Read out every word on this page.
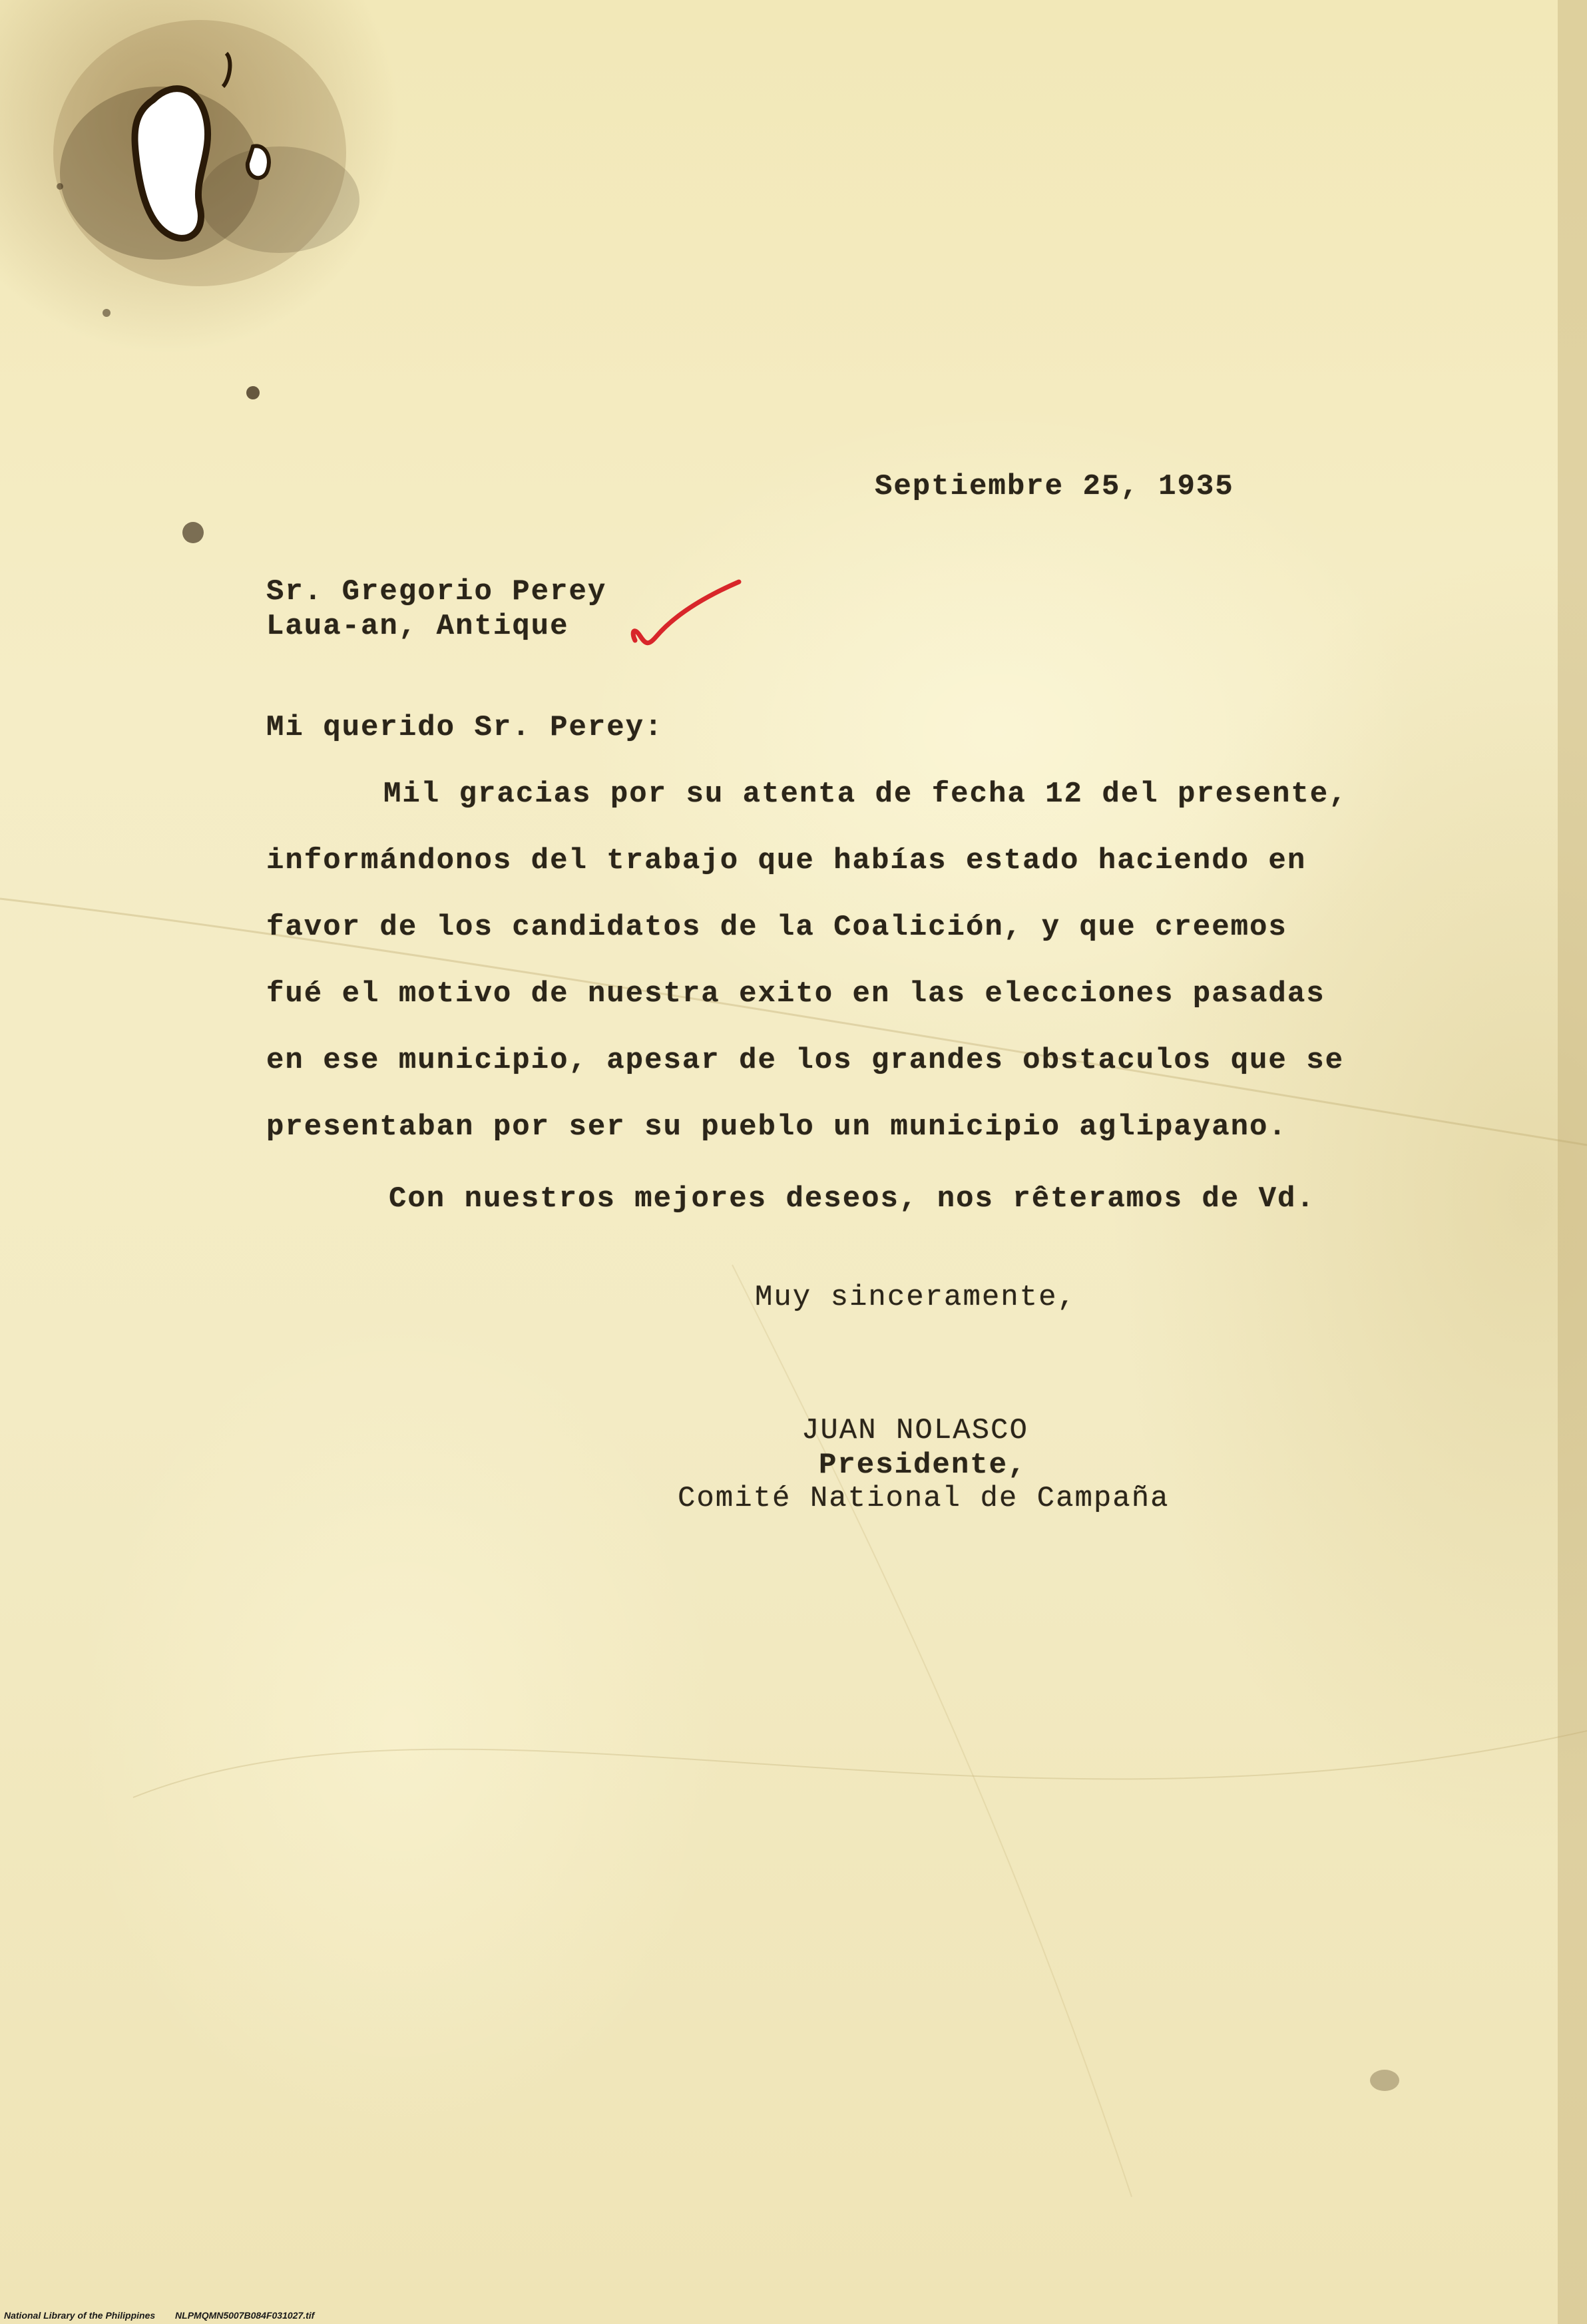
Septiembre 25, 1935
Sr. Gregorio Perey
Laua-an, Antique
Mi querido Sr. Perey:
Mil gracias por su atenta de fecha 12 del presente,
informándonos del trabajo que habías estado haciendo en
favor de los candidatos de la Coalición, y que creemos
fué el motivo de nuestra exito en las elecciones pasadas
en ese municipio, apesar de los grandes obstaculos que se
presentaban por ser su pueblo un municipio aglipayano.
Con nuestros mejores deseos, nos rêteramos de Vd.
Muy sinceramente,
JUAN NOLASCO
Presidente,
Comité National de Campaña
National Library of the Philippines NLPMQMN5007B084F031027.tif
